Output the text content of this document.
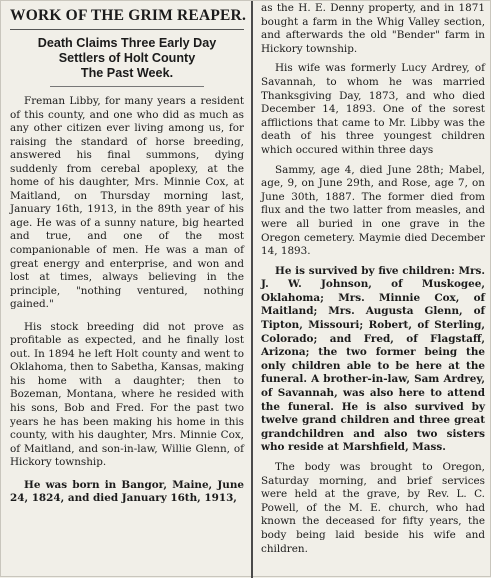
WORK OF THE GRIM REAPER.
Death Claims Three Early Day
Settlers of Holt County
The Past Week.

Freman Libby, for many years a resident of this county, and one who did as much as any other citizen ever living among us, for raising the standard of horse breeding, answered his final summons, dying suddenly from cerebal apoplexy, at the home of his daughter, Mrs. Minnie Cox, at Maitland, on Thursday morning last, January 16th, 1913, in the 89th year of his age. He was of a sunny nature, big hearted and true, and one of the most companionable of men. He was a man of great energy and enterprise, and won and lost at times, always believing in the principle, "nothing ventured, nothing gained."

His stock breeding did not prove as profitable as expected, and he finally lost out. In 1894 he left Holt county and went to Oklahoma, then to Sabetha, Kansas, making his home with a daughter; then to Bozeman, Montana, where he resided with his sons, Bob and Fred. For the past two years he has been making his home in this county, with his daughter, Mrs. Minnie Cox, of Maitland, and son-in-law, Willie Glenn, of Hickory township.

He was born in Bangor, Maine, June 24, 1824, and died January 16th, 1913,

as the H. E. Denny property, and in 1871 bought a farm in the Whig Valley section, and afterwards the old "Bender" farm in Hickory township.

His wife was formerly Lucy Ardrey, of Savannah, to whom he was married Thanksgiving Day, 1873, and who died December 14, 1893. One of the sorest afflictions that came to Mr. Libby was the death of his three youngest children which occured within three days

Sammy, age 4, died June 28th; Mabel, age, 9, on June 29th, and Rose, age 7, on June 30th, 1887. The former died from flux and the two latter from measles, and were all buried in one grave in the Oregon cemetery. Maymie died December 14, 1893.

He is survived by five children: Mrs. J. W. Johnson, of Muskogee, Oklahoma; Mrs. Minnie Cox, of Maitland; Mrs. Augusta Glenn, of Tipton, Missouri; Robert, of Sterling, Colorado; and Fred, of Flagstaff, Arizona; the two former being the only children able to be here at the funeral. A brother-in-law, Sam Ardrey, of Savannah, was also here to attend the funeral. He is also survived by twelve grand children and three great grandchildren and also two sisters who reside at Marshfield, Mass.

The body was brought to Oregon, Saturday morning, and brief services were held at the grave, by Rev. L. C. Powell, of the M. E. church, who had known the deceased for fifty years, the body being laid beside his wife and children.
